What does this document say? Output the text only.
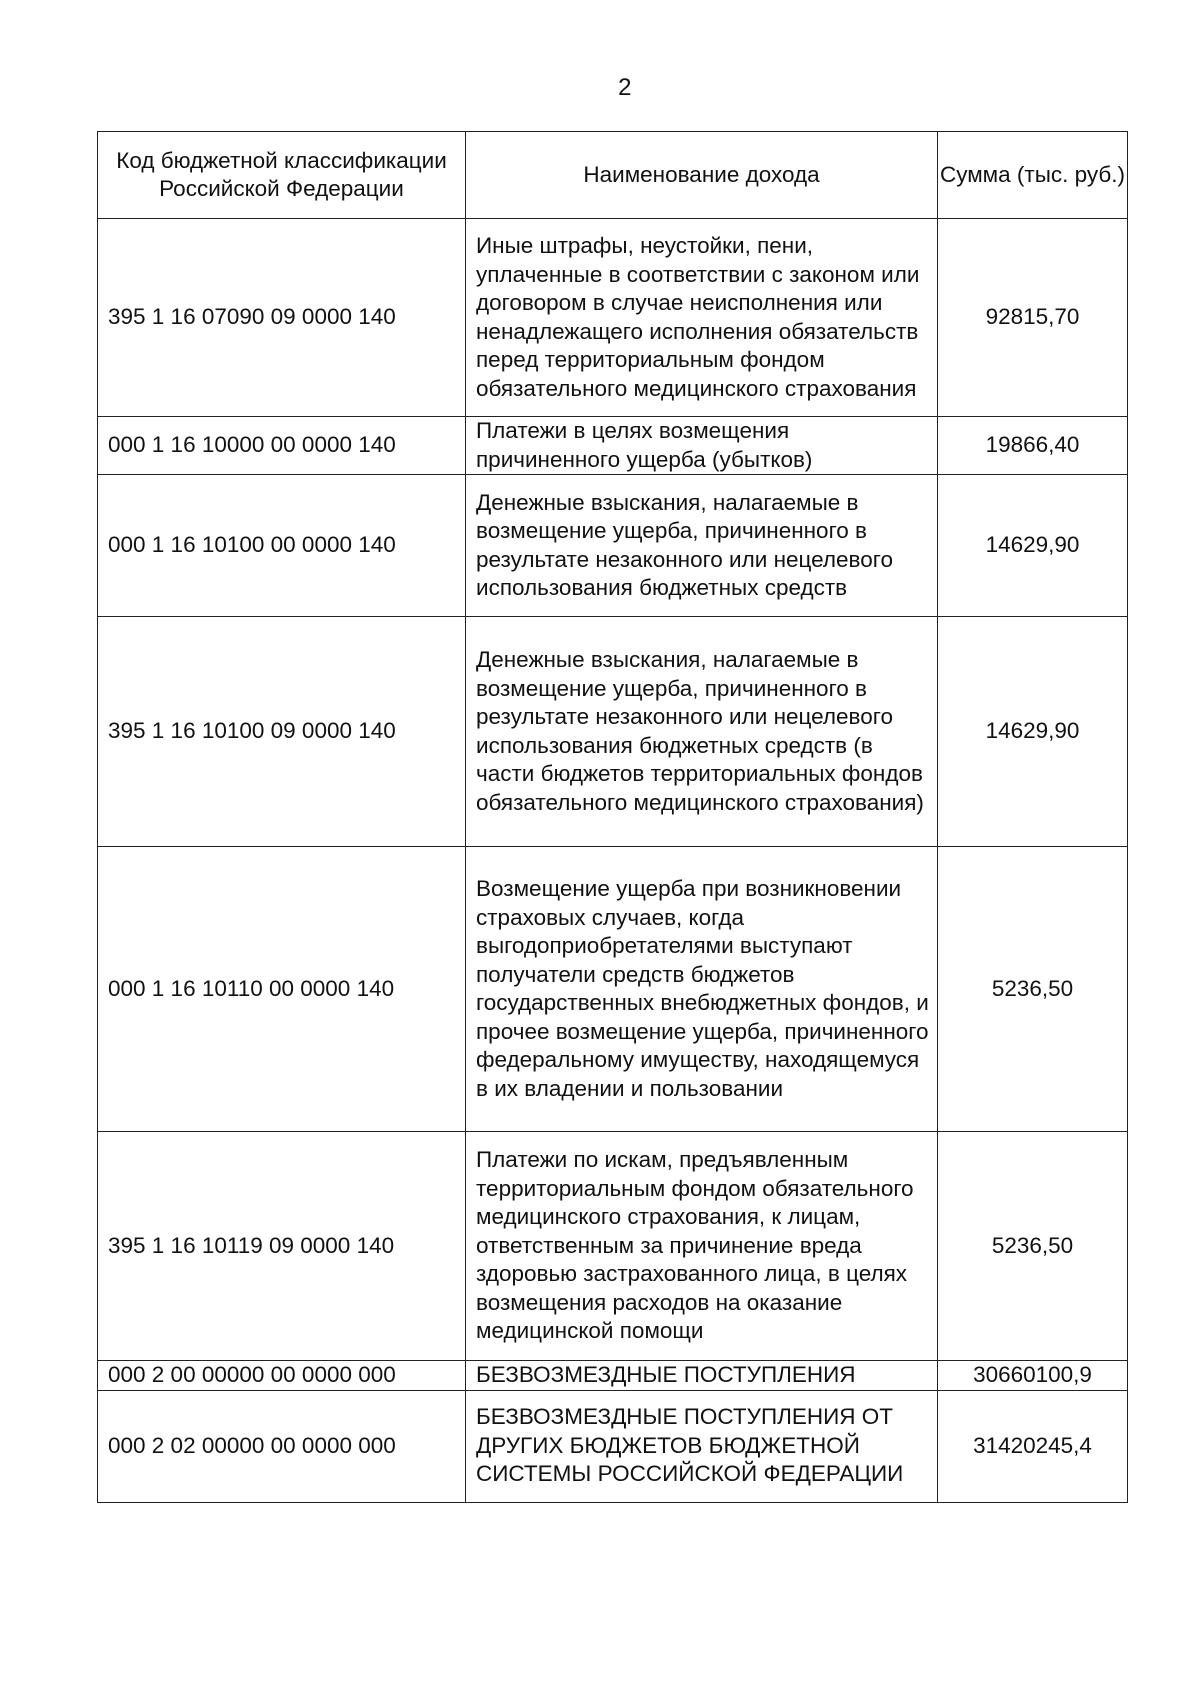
2
Код бюджетной классификации Российской Федерации	Наименование дохода	Сумма (тыс. руб.)
395 1 16 07090 09 0000 140	Иные штрафы, неустойки, пени, уплаченные в соответствии с законом или договором в случае неисполнения или ненадлежащего исполнения обязательств перед территориальным фондом обязательного медицинского страхования	92815,70
000 1 16 10000 00 0000 140	Платежи в целях возмещения причиненного ущерба (убытков)	19866,40
000 1 16 10100 00 0000 140	Денежные взыскания, налагаемые в возмещение ущерба, причиненного в результате незаконного или нецелевого использования бюджетных средств	14629,90
395 1 16 10100 09 0000 140	Денежные взыскания, налагаемые в возмещение ущерба, причиненного в результате незаконного или нецелевого использования бюджетных средств (в части бюджетов территориальных фондов обязательного медицинского страхования)	14629,90
000 1 16 10110 00 0000 140	Возмещение ущерба при возникновении страховых случаев, когда выгодоприобретателями выступают получатели средств бюджетов государственных внебюджетных фондов, и прочее возмещение ущерба, причиненного федеральному имуществу, находящемуся в их владении и пользовании	5236,50
395 1 16 10119 09 0000 140	Платежи по искам, предъявленным территориальным фондом обязательного медицинского страхования, к лицам, ответственным за причинение вреда здоровью застрахованного лица, в целях возмещения расходов на оказание медицинской помощи	5236,50
000 2 00 00000 00 0000 000	БЕЗВОЗМЕЗДНЫЕ ПОСТУПЛЕНИЯ	30660100,9
000 2 02 00000 00 0000 000	БЕЗВОЗМЕЗДНЫЕ ПОСТУПЛЕНИЯ ОТ ДРУГИХ БЮДЖЕТОВ БЮДЖЕТНОЙ СИСТЕМЫ РОССИЙСКОЙ ФЕДЕРАЦИИ	31420245,4
